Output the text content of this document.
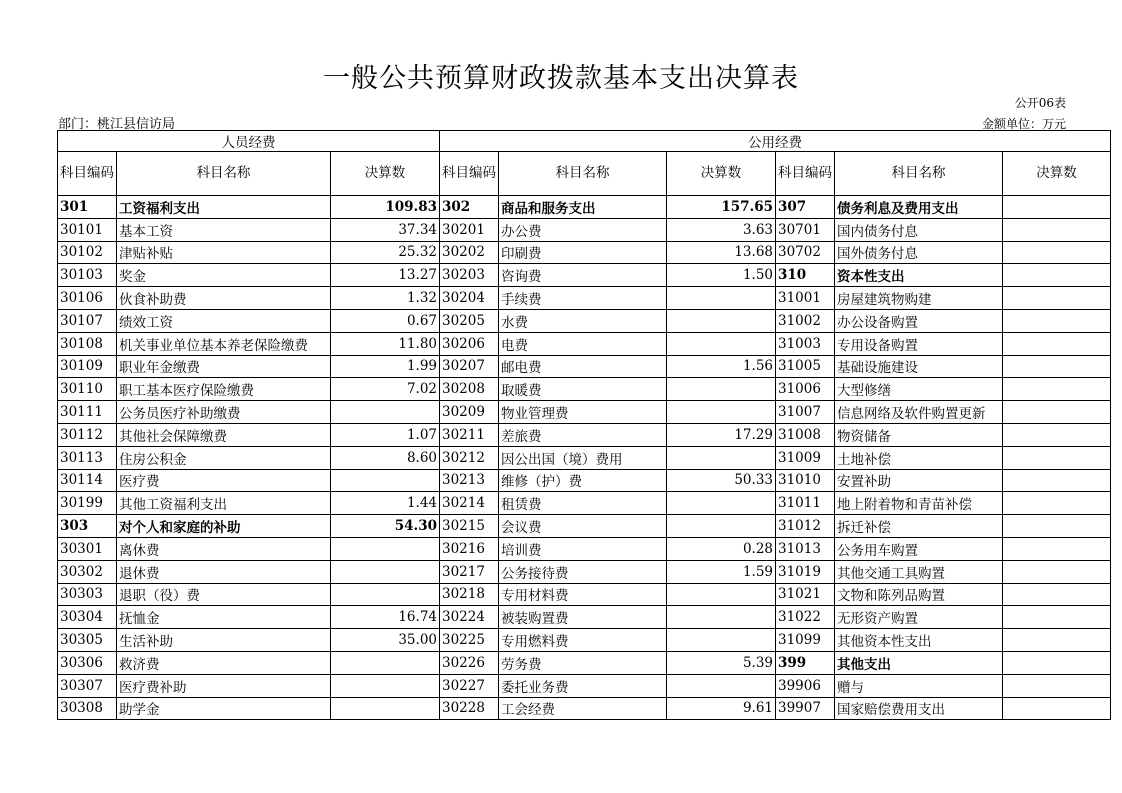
一般公共预算财政拨款基本支出决算表
公开06表
部门：桃江县信访局	金额单位：万元
人员经费			公用经费					
科目编码	科目名称	决算数	科目编码	科目名称	决算数	科目编码	科目名称	决算数
301	工资福利支出	109.83	302	商品和服务支出	157.65	307	债务利息及费用支出	
30101	基本工资	37.34	30201	办公费	3.63	30701	国内债务付息	
30102	津贴补贴	25.32	30202	印刷费	13.68	30702	国外债务付息	
30103	奖金	13.27	30203	咨询费	1.50	310	资本性支出	
30106	伙食补助费	1.32	30204	手续费		31001	房屋建筑物购建	
30107	绩效工资	0.67	30205	水费		31002	办公设备购置	
30108	机关事业单位基本养老保险缴费	11.80	30206	电费		31003	专用设备购置	
30109	职业年金缴费	1.99	30207	邮电费	1.56	31005	基础设施建设	
30110	职工基本医疗保险缴费	7.02	30208	取暖费		31006	大型修缮	
30111	公务员医疗补助缴费		30209	物业管理费		31007	信息网络及软件购置更新	
30112	其他社会保障缴费	1.07	30211	差旅费	17.29	31008	物资储备	
30113	住房公积金	8.60	30212	因公出国（境）费用		31009	土地补偿	
30114	医疗费		30213	维修（护）费	50.33	31010	安置补助	
30199	其他工资福利支出	1.44	30214	租赁费		31011	地上附着物和青苗补偿	
303	对个人和家庭的补助	54.30	30215	会议费		31012	拆迁补偿	
30301	离休费		30216	培训费	0.28	31013	公务用车购置	
30302	退休费		30217	公务接待费	1.59	31019	其他交通工具购置	
30303	退职（役）费		30218	专用材料费		31021	文物和陈列品购置	
30304	抚恤金	16.74	30224	被装购置费		31022	无形资产购置	
30305	生活补助	35.00	30225	专用燃料费		31099	其他资本性支出	
30306	救济费		30226	劳务费	5.39	399	其他支出	
30307	医疗费补助		30227	委托业务费		39906	赠与	
30308	助学金		30228	工会经费	9.61	39907	国家赔偿费用支出	
